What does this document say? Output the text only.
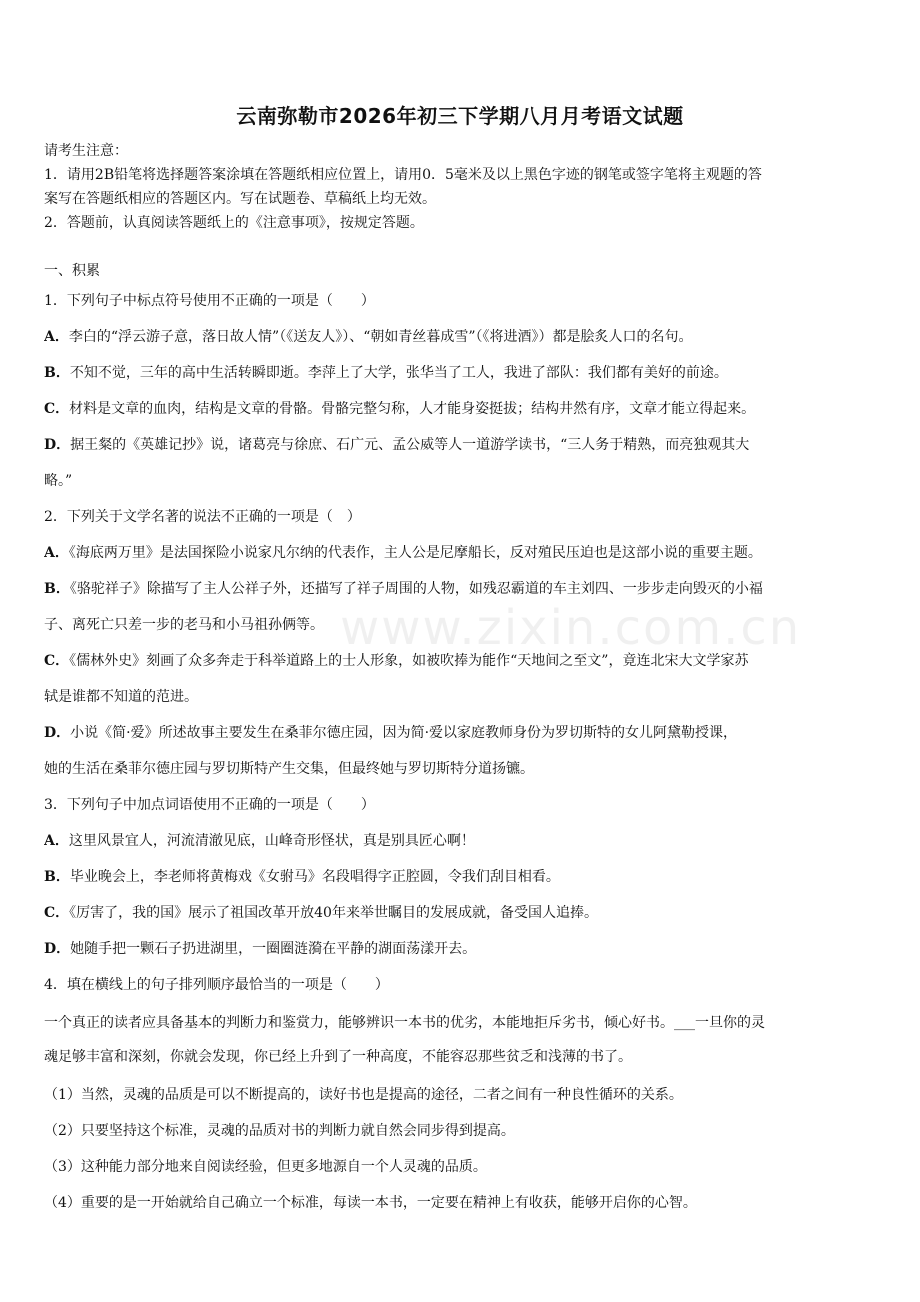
www.zixin.com.cn
云南弥勒市2026年初三下学期八月月考语文试题
请考生注意：
1．请用2B铅笔将选择题答案涂填在答题纸相应位置上，请用0．5毫米及以上黑色字迹的钢笔或签字笔将主观题的答
案写在答题纸相应的答题区内。写在试题卷、草稿纸上均无效。
2．答题前，认真阅读答题纸上的《注意事项》，按规定答题。
一、积累
1．下列句子中标点符号使用不正确的一项是（　　）
A．李白的“浮云游子意，落日故人情”（《送友人》）、“朝如青丝暮成雪”（《将进酒》）都是脍炙人口的名句。
B．不知不觉，三年的高中生活转瞬即逝。李萍上了大学，张华当了工人，我进了部队：我们都有美好的前途。
C．材料是文章的血肉，结构是文章的骨骼。骨骼完整匀称，人才能身姿挺拔；结构井然有序，文章才能立得起来。
D．据王粲的《英雄记抄》说，诸葛亮与徐庶、石广元、孟公威等人一道游学读书，“三人务于精熟，而亮独观其大
略。”
2．下列关于文学名著的说法不正确的一项是（　）
A．《海底两万里》是法国探险小说家凡尔纳的代表作，主人公是尼摩船长，反对殖民压迫也是这部小说的重要主题。
B．《骆驼祥子》除描写了主人公祥子外，还描写了祥子周围的人物，如残忍霸道的车主刘四、一步步走向毁灭的小福
子、离死亡只差一步的老马和小马祖孙俩等。
C．《儒林外史》刻画了众多奔走于科举道路上的士人形象，如被吹捧为能作“天地间之至文”，竟连北宋大文学家苏
轼是谁都不知道的范进。
D．小说《简·爱》所述故事主要发生在桑菲尔德庄园，因为简·爱以家庭教师身份为罗切斯特的女儿阿黛勒授课，
她的生活在桑菲尔德庄园与罗切斯特产生交集，但最终她与罗切斯特分道扬镳。
3．下列句子中加点词语使用不正确的一项是（　　）
A．这里风景宜人，河流清澈见底，山峰奇形怪状，真是别具匠心啊！
B．毕业晚会上，李老师将黄梅戏《女驸马》名段唱得字正腔圆，令我们刮目相看。
C．《厉害了，我的国》展示了祖国改革开放40年来举世瞩目的发展成就，备受国人追捧。
D．她随手把一颗石子扔进湖里，一圈圈涟漪在平静的湖面荡漾开去。
4．填在横线上的句子排列顺序最恰当的一项是（　　）
一个真正的读者应具备基本的判断力和鉴赏力，能够辨识一本书的优劣，本能地拒斥劣书，倾心好书。___一旦你的灵
魂足够丰富和深刻，你就会发现，你已经上升到了一种高度，不能容忍那些贫乏和浅薄的书了。
（1）当然，灵魂的品质是可以不断提高的，读好书也是提高的途径，二者之间有一种良性循环的关系。
（2）只要坚持这个标准，灵魂的品质对书的判断力就自然会同步得到提高。
（3）这种能力部分地来自阅读经验，但更多地源自一个人灵魂的品质。
（4）重要的是一开始就给自己确立一个标准，每读一本书，一定要在精神上有收获，能够开启你的心智。
